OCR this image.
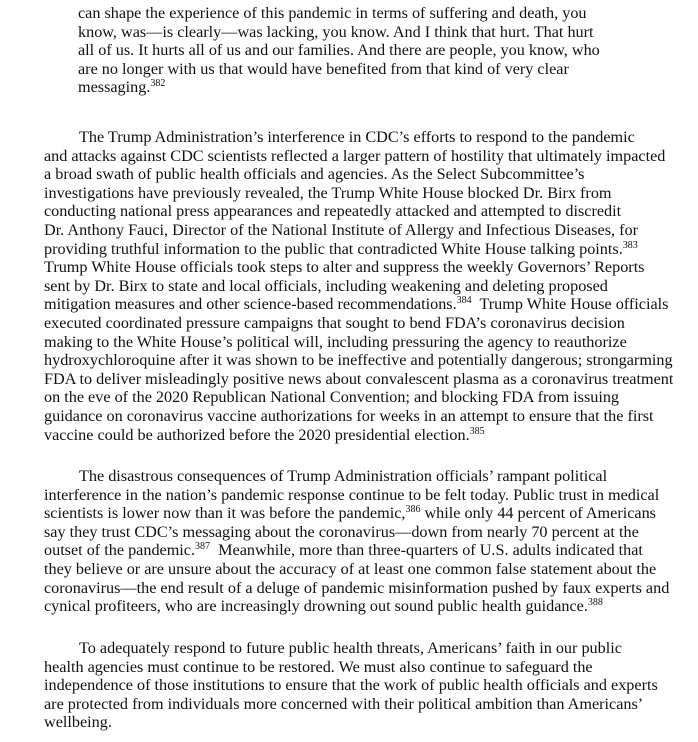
can shape the experience of this pandemic in terms of suffering and death, you
know, was—is clearly—was lacking, you know. And I think that hurt. That hurt
all of us. It hurts all of us and our families. And there are people, you know, who
are no longer with us that would have benefited from that kind of very clear
messaging.$^{382}$
The Trump Administration’s interference in CDC’s efforts to respond to the pandemic
and attacks against CDC scientists reflected a larger pattern of hostility that ultimately impacted
a broad swath of public health officials and agencies. As the Select Subcommittee’s
investigations have previously revealed, the Trump White House blocked Dr. Birx from
conducting national press appearances and repeatedly attacked and attempted to discredit
Dr. Anthony Fauci, Director of the National Institute of Allergy and Infectious Diseases, for
providing truthful information to the public that contradicted White House talking points.$^{383}$
Trump White House officials took steps to alter and suppress the weekly Governors’ Reports
sent by Dr. Birx to state and local officials, including weakening and deleting proposed
mitigation measures and other science-based recommendations.$^{384}$  Trump White House officials
executed coordinated pressure campaigns that sought to bend FDA’s coronavirus decision
making to the White House’s political will, including pressuring the agency to reauthorize
hydroxychloroquine after it was shown to be ineffective and potentially dangerous; strongarming
FDA to deliver misleadingly positive news about convalescent plasma as a coronavirus treatment
on the eve of the 2020 Republican National Convention; and blocking FDA from issuing
guidance on coronavirus vaccine authorizations for weeks in an attempt to ensure that the first
vaccine could be authorized before the 2020 presidential election.$^{385}$
The disastrous consequences of Trump Administration officials’ rampant political
interference in the nation’s pandemic response continue to be felt today. Public trust in medical
scientists is lower now than it was before the pandemic,$^{386}$ while only 44 percent of Americans
say they trust CDC’s messaging about the coronavirus—down from nearly 70 percent at the
outset of the pandemic.$^{387}$  Meanwhile, more than three-quarters of U.S. adults indicated that
they believe or are unsure about the accuracy of at least one common false statement about the
coronavirus—the end result of a deluge of pandemic misinformation pushed by faux experts and
cynical profiteers, who are increasingly drowning out sound public health guidance.$^{388}$
To adequately respond to future public health threats, Americans’ faith in our public
health agencies must continue to be restored. We must also continue to safeguard the
independence of those institutions to ensure that the work of public health officials and experts
are protected from individuals more concerned with their political ambition than Americans’
wellbeing.
